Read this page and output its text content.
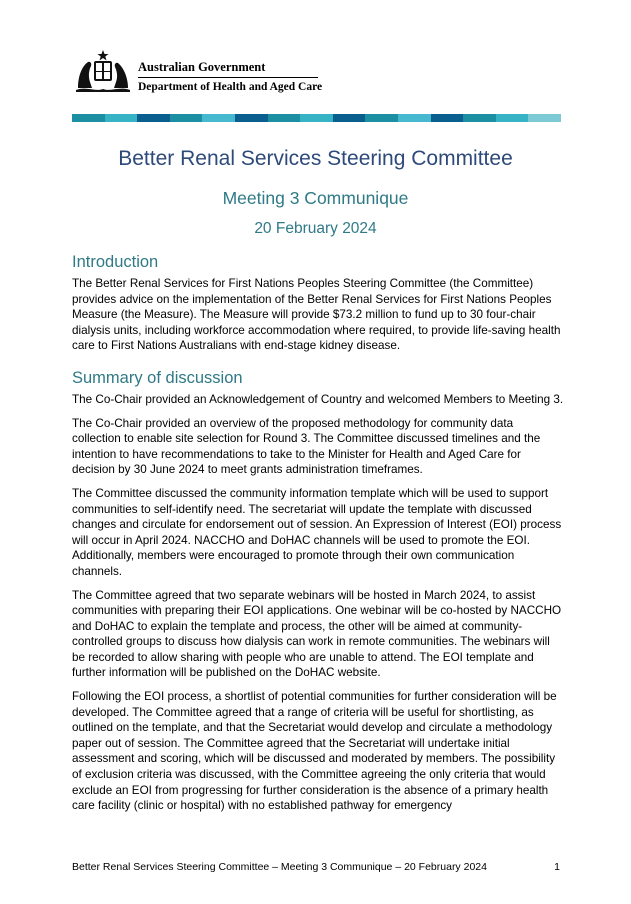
Australian Government
Department of Health and Aged Care
Better Renal Services Steering Committee
Meeting 3 Communique
20 February 2024
Introduction

The Better Renal Services for First Nations Peoples Steering Committee (the Committee) provides advice on the implementation of the Better Renal Services for First Nations Peoples Measure (the Measure). The Measure will provide $73.2 million to fund up to 30 four-chair dialysis units, including workforce accommodation where required, to provide life-saving health care to First Nations Australians with end-stage kidney disease.

Summary of discussion

The Co-Chair provided an Acknowledgement of Country and welcomed Members to Meeting 3.

The Co-Chair provided an overview of the proposed methodology for community data collection to enable site selection for Round 3. The Committee discussed timelines and the intention to have recommendations to take to the Minister for Health and Aged Care for decision by 30 June 2024 to meet grants administration timeframes.

The Committee discussed the community information template which will be used to support communities to self-identify need. The secretariat will update the template with discussed changes and circulate for endorsement out of session. An Expression of Interest (EOI) process will occur in April 2024. NACCHO and DoHAC channels will be used to promote the EOI. Additionally, members were encouraged to promote through their own communication channels.

The Committee agreed that two separate webinars will be hosted in March 2024, to assist communities with preparing their EOI applications. One webinar will be co-hosted by NACCHO and DoHAC to explain the template and process, the other will be aimed at community-controlled groups to discuss how dialysis can work in remote communities. The webinars will be recorded to allow sharing with people who are unable to attend. The EOI template and further information will be published on the DoHAC website.

Following the EOI process, a shortlist of potential communities for further consideration will be developed. The Committee agreed that a range of criteria will be useful for shortlisting, as outlined on the template, and that the Secretariat would develop and circulate a methodology paper out of session. The Committee agreed that the Secretariat will undertake initial assessment and scoring, which will be discussed and moderated by members. The possibility of exclusion criteria was discussed, with the Committee agreeing the only criteria that would exclude an EOI from progressing for further consideration is the absence of a primary health care facility (clinic or hospital) with no established pathway for emergency

Better Renal Services Steering Committee – Meeting 3 Communique – 20 February 2024	1
